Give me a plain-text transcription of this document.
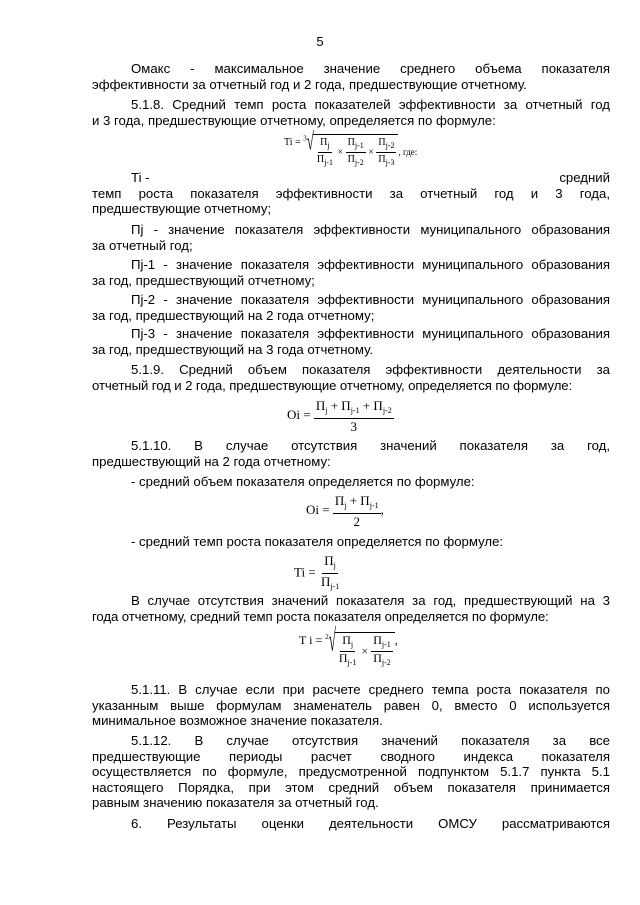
5
Омакс - максимальное значение среднего объема показателя
эффективности за отчетный год и 2 года, предшествующие отчетному.
5.1.8. Средний темп роста показателей эффективности за отчетный год
и 3 года, предшествующие отчетному, определяется по формуле:
$Ti = ^3√ \frac{П_j}{П_{j-1}} \times \frac{П_{j-1}}{П_{j-2}} \times \frac{П_{j-2}}{П_{j-3}}$ , где:
Ti -	средний

темп роста показателя эффективности за отчетный год и 3 года,
предшествующие отчетному;
Пj - значение показателя эффективности муниципального образования
за отчетный год;
Пj-1 - значение показателя эффективности муниципального образования
за год, предшествующий отчетному;
Пj-2 - значение показателя эффективности муниципального образования
за год, предшествующий на 2 года отчетному;
Пj-3 - значение показателя эффективности муниципального образования
за год, предшествующий на 3 года отчетному.
5.1.9. Средний объем показателя эффективности деятельности за
отчетный год и 2 года, предшествующие отчетному, определяется по формуле:
$Oi = \frac{П_j + П_{j-1} + П_{j-2}}{3}$
5.1.10. В случае отсутствия значений показателя за год,
предшествующий на 2 года отчетному:
- средний объем показателя определяется по формуле:
$Oi = \frac{П_j + П_{j-1}}{2}$ ,
- средний темп роста показателя определяется по формуле:
$Ti = \frac{П_j}{П_{j-1}}$
В случае отсутствия значений показателя за год, предшествующий на 3
года отчетному, средний темп роста показателя определяется по формуле:
T $i = ^2√ \frac{П_j}{П_{j-1}} \times \frac{П_{j-1}}{П_{j-2}}$ ,
5.1.11. В случае если при расчете среднего темпа роста показателя по
указанным выше формулам знаменатель равен 0, вместо 0 используется
минимальное возможное значение показателя.
5.1.12. В случае отсутствия значений показателя за все
предшествующие периоды расчет сводного индекса показателя
осуществляется по формуле, предусмотренной подпунктом 5.1.7 пункта 5.1
настоящего Порядка, при этом средний объем показателя принимается
равным значению показателя за отчетный год.
6. Результаты оценки деятельности ОМСУ рассматриваются
